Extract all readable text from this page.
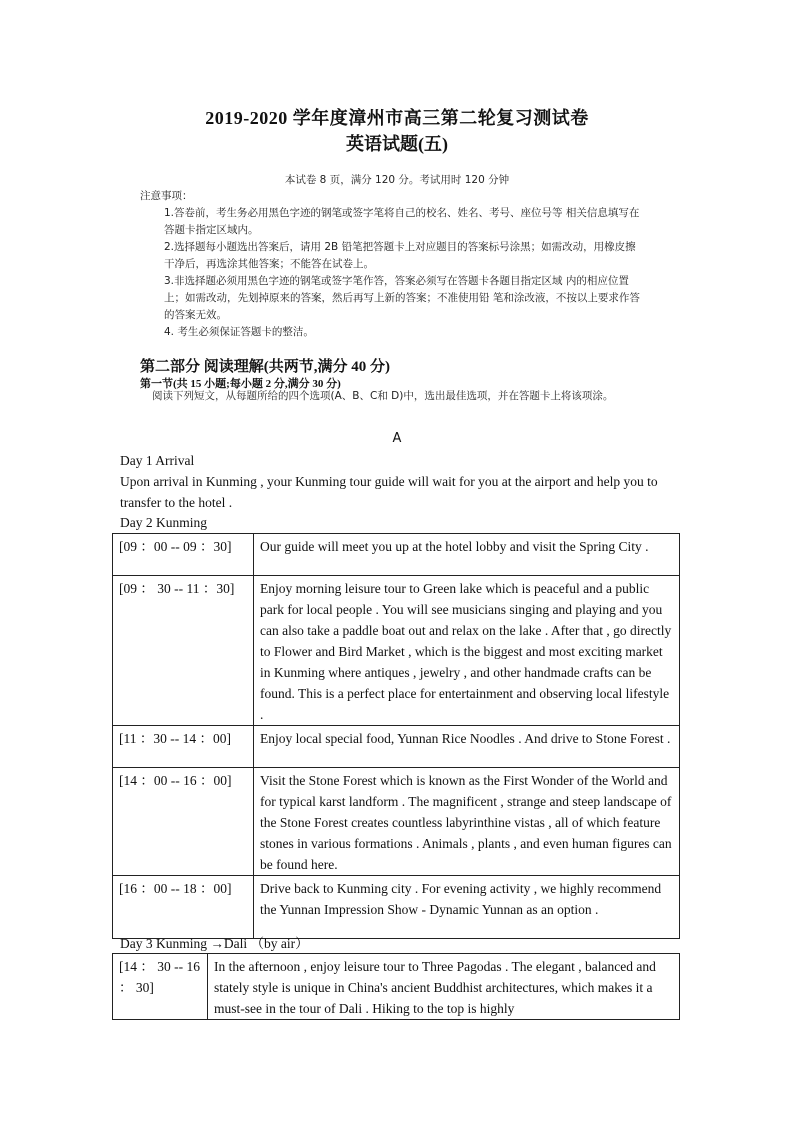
2019-2020 学年度漳州市高三第二轮复习测试卷
英语试题(五)
本试卷 8 页，满分 120 分。考试用时 120 分钟

注意事项：

1.答卷前，考生务必用黑色字迹的钢笔或签字笔将自己的校名、姓名、考号、座位号等 相关信息填写在答题卡指定区域内。

2.选择题每小题选出答案后，请用 2B 铅笔把答题卡上对应题目的答案标号涂黑；如需改动，用橡皮擦干净后，再选涂其他答案；不能答在试卷上。

3.非选择题必须用黑色字迹的钢笔或签字笔作答，答案必须写在答题卡各题目指定区域 内的相应位置上；如需改动，先划掉原来的答案，然后再写上新的答案；不准使用铅 笔和涂改液，不按以上要求作答的答案无效。

4. 考生必须保证答题卡的整洁。

第二部分 阅读理解(共两节,满分 40 分)
第一节(共 15 小题;每小题 2 分,满分 30 分)

阅读下列短文，从每题所给的四个选项(A、B、C和 D)中，选出最佳选项，并在答题卡上将该项涂。

A
Day 1 Arrival
Upon arrival in Kunming , your Kunming tour guide will wait for you at the airport and help you to transfer to the hotel .
Day 2 Kunming
[09 ：00 -- 09 ：30]	Our guide will meet you up at the hotel lobby and visit the Spring City .
[09 ： 30 -- 11 ：30]	Enjoy morning leisure tour to Green lake which is peaceful and a public park for local people . You will see musicians singing and playing and you can also take a paddle boat out and relax on the lake . After that , go directly to Flower and Bird Market , which is the biggest and most exciting market in Kunming where antiques , jewelry , and other handmade crafts can be found. This is a perfect place for entertainment and observing local lifestyle .
[11 ：30 -- 14 ：00]	Enjoy local special food, Yunnan Rice Noodles . And drive to Stone Forest .
[14 ：00 -- 16 ：00]	Visit the Stone Forest which is known as the First Wonder of the World and for typical karst landform . The magnificent , strange and steep landscape of the Stone Forest creates countless labyrinthine vistas , all of which feature stones in various formations . Animals , plants , and even human figures can be found here.
[16 ：00 -- 18 ：00]	Drive back to Kunming city . For evening activity , we highly recommend the Yunnan Impression Show - Dynamic Yunnan as an option .
Day 3 Kunming →Dali （by air）
[14 ： 30 -- 16 ： 30]	In the afternoon , enjoy leisure tour to Three Pagodas . The elegant , balanced and stately style is unique in China's ancient Buddhist architectures, which makes it a must-see in the tour of Dali . Hiking to the top is highly
